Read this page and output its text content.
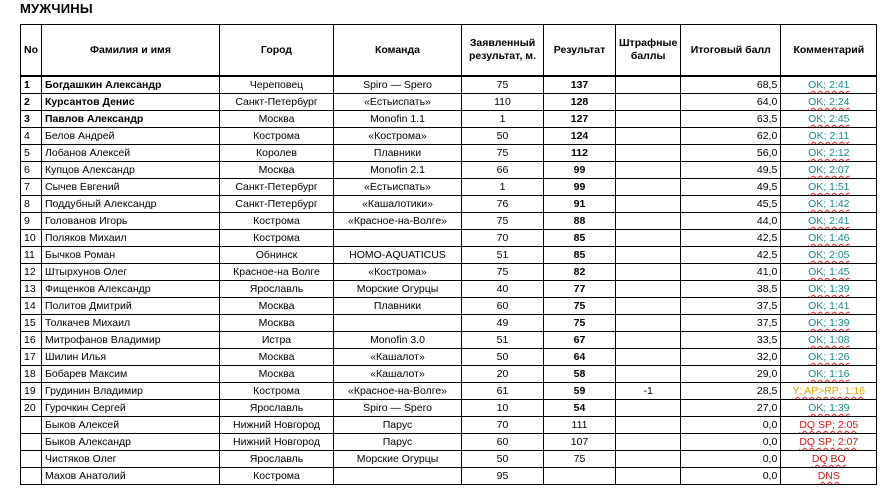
МУЖЧИНЫ
No	Фамилия и имя	Город	Команда	Заявленный результат, м.	Результат	Штрафные баллы	Итоговый балл	Комментарий
1	Богдашкин Александр	Череповец	Spiro — Spero	75	137		68,5	OK; 2:41
2	Курсантов Денис	Санкт-Петербург	«Естьиспать»	110	128		64,0	OK; 2:24
3	Павлов Александр	Москва	Monofin 1.1	1	127		63,5	OK; 2:45
4	Белов Андрей	Кострома	«Кострома»	50	124		62,0	OK; 2:11
5	Лобанов Алексей	Королев	Плавники	75	112		56,0	OK; 2:12
6	Купцов Александр	Москва	Monofin 2.1	66	99		49,5	OK; 2:07
7	Сычев Евгений	Санкт-Петербург	«Естьиспать»	1	99		49,5	OK; 1:51
8	Поддубный Александр	Санкт-Петербург	«Кашалотики»	76	91		45,5	OK; 1:42
9	Голованов Игорь	Кострома	«Красное-на-Волге»	75	88		44,0	OK; 2:41
10	Поляков Михаил	Кострома		70	85		42,5	OK; 1:46
11	Бычков Роман	Обнинск	HOMO-AQUATICUS	51	85		42,5	OK; 2:05
12	Штырхунов Олег	Красное-на Волге	«Кострома»	75	82		41,0	OK; 1:45
13	Фищенков Александр	Ярославль	Морские Огурцы	40	77		38,5	OK; 1:39
14	Политов Дмитрий	Москва	Плавники	60	75		37,5	OK; 1:41
15	Толкачев Михаил	Москва		49	75		37,5	OK; 1:39
16	Митрофанов Владимир	Истра	Monofin 3.0	51	67		33,5	OK; 1:08
17	Шилин Илья	Москва	«Кашалот»	50	64		32,0	OK; 1:26
18	Бобарев Максим	Москва	«Кашалот»	20	58		29,0	OK; 1:16
19	Грудинин Владимир	Кострома	«Красное-на-Волге»	61	59	-1	28,5	Y; AP>RP; 1:16
20	Гурочкин Сергей	Ярославль	Spiro — Spero	10	54		27,0	OK; 1:39
	Быков Алексей	Нижний Новгород	Парус	70	111		0,0	DQ SP; 2:05
	Быков Александр	Нижний Новгород	Парус	60	107		0,0	DQ SP; 2:07
	Чистяков Олег	Ярославль	Морские Огурцы	50	75		0,0	DQ BO
	Махов Анатолий	Кострома		95			0,0	DNS
